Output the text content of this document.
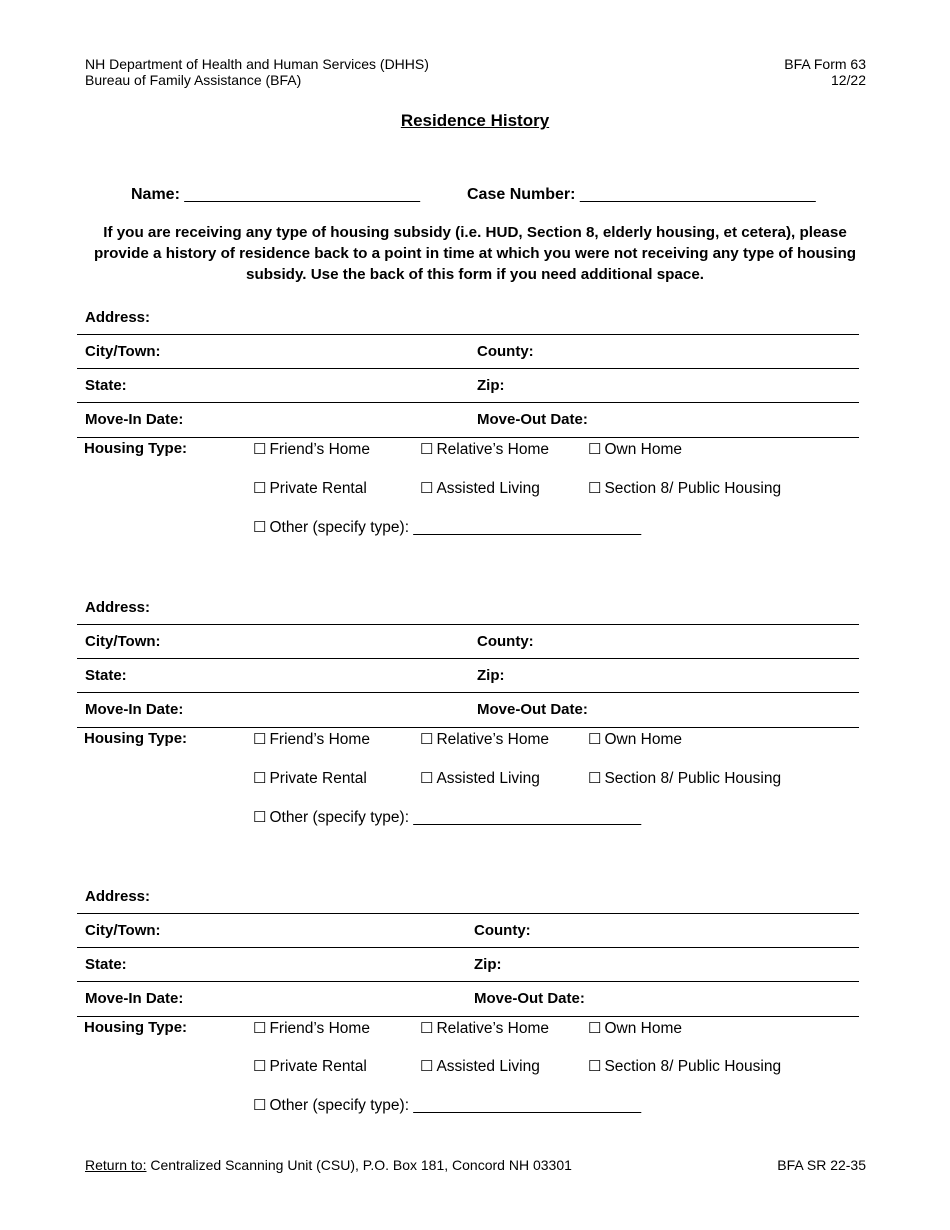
NH Department of Health and Human Services (DHHS)
Bureau of Family Assistance (BFA)
BFA Form 63
12/22
Residence History
Name: ____________________________	Case Number: ____________________________
If you are receiving any type of housing subsidy (i.e. HUD, Section 8, elderly housing, et cetera), please provide a history of residence back to a point in time at which you were not receiving any type of housing subsidy. Use the back of this form if you need additional space.
Address:
City/Town:	County:
State:	Zip:
Move-In Date:	Move-Out Date:
Housing Type:	☐ Friend’s Home	☐ Relative’s Home	☐ Own Home
☐ Private Rental	☐ Assisted Living	☐ Section 8/ Public Housing
☐ Other (specify type): ____________________________
Address:
City/Town:	County:
State:	Zip:
Move-In Date:	Move-Out Date:
Housing Type:	☐ Friend’s Home	☐ Relative’s Home	☐ Own Home
☐ Private Rental	☐ Assisted Living	☐ Section 8/ Public Housing
☐ Other (specify type): ____________________________
Address:
City/Town:	County:
State:	Zip:
Move-In Date:	Move-Out Date:
Housing Type:	☐ Friend’s Home	☐ Relative’s Home	☐ Own Home
☐ Private Rental	☐ Assisted Living	☐ Section 8/ Public Housing
☐ Other (specify type): ____________________________
Return to: Centralized Scanning Unit (CSU), P.O. Box 181, Concord NH 03301	BFA SR 22-35
